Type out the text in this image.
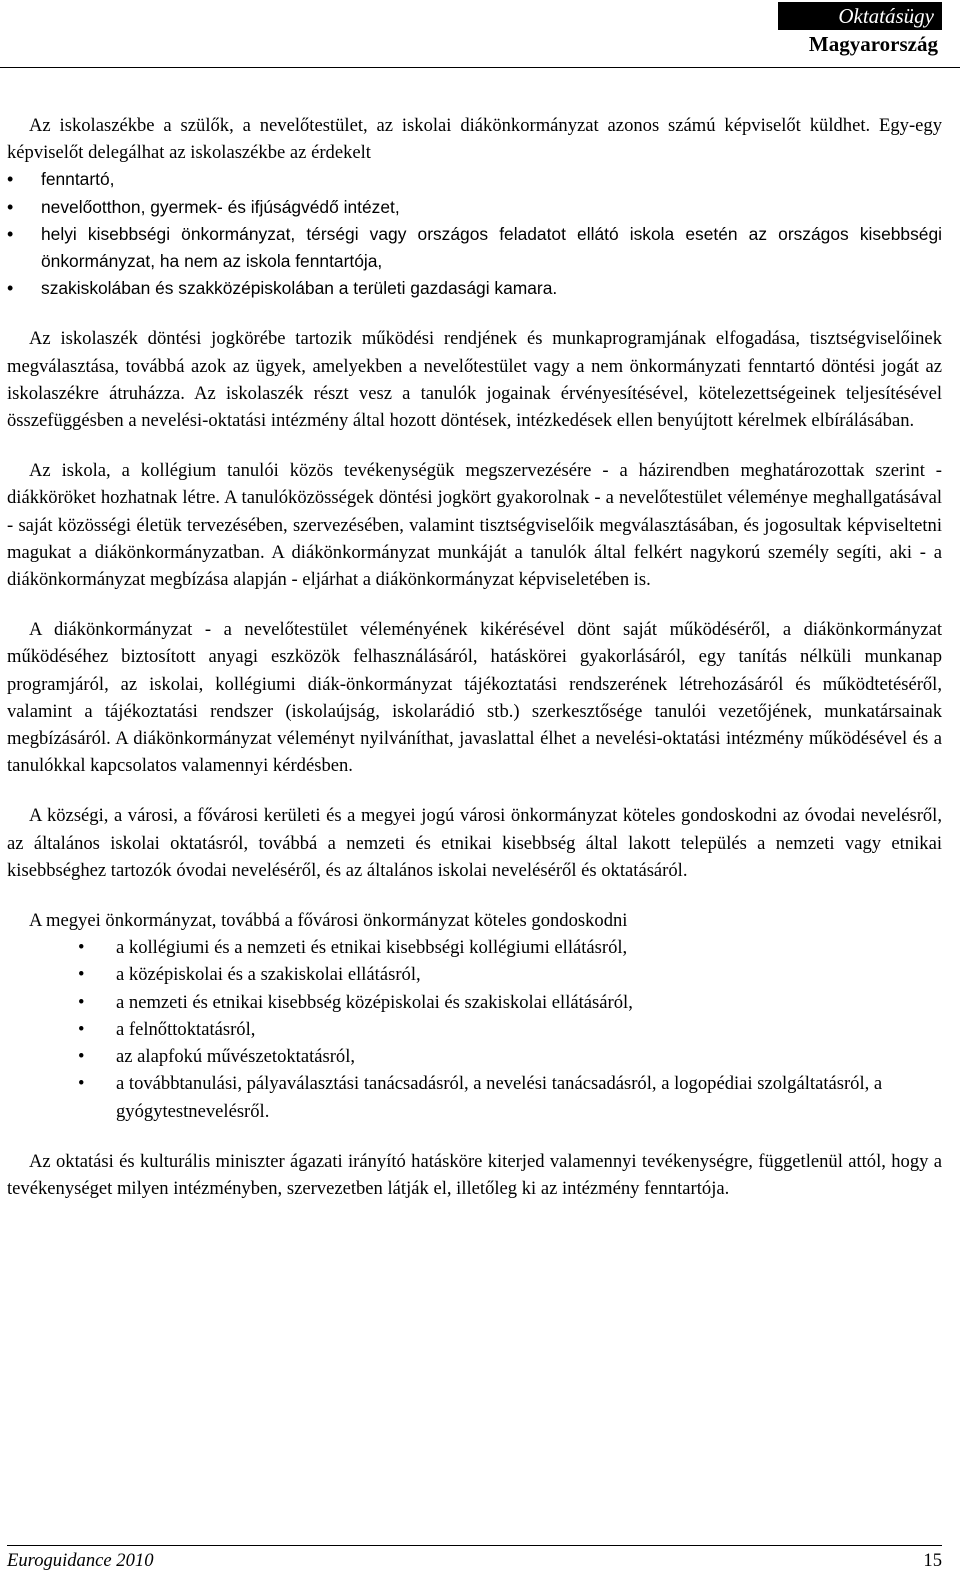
Oktatásügy
Magyarország

Az iskolaszékbe a szülők, a nevelőtestület, az iskolai diákönkormányzat azonos számú képviselőt küldhet. Egy-egy képviselőt delegálhat az iskolaszékbe az érdekelt

• fenntartó,
• nevelőotthon, gyermek- és ifjúságvédő intézet,
• helyi kisebbségi önkormányzat, térségi vagy országos feladatot ellátó iskola esetén az országos kisebbségi önkormányzat, ha nem az iskola fenntartója,
• szakiskolában és szakközépiskolában a területi gazdasági kamara.

Az iskolaszék döntési jogkörébe tartozik működési rendjének és munkaprogramjának elfogadása, tisztségviselőinek megválasztása, továbbá azok az ügyek, amelyekben a nevelőtestület vagy a nem önkormányzati fenntartó döntési jogát az iskolaszékre átruházza. Az iskolaszék részt vesz a tanulók jogainak érvényesítésével, kötelezettségeinek teljesítésével összefüggésben a nevelési-oktatási intézmény által hozott döntések, intézkedések ellen benyújtott kérelmek elbírálásában.

Az iskola, a kollégium tanulói közös tevékenységük megszervezésére - a házirendben meghatározottak szerint - diákköröket hozhatnak létre. A tanulóközösségek döntési jogkört gyakorolnak - a nevelőtestület véleménye meghallgatásával - saját közösségi életük tervezésében, szervezésében, valamint tisztségviselőik megválasztásában, és jogosultak képviseltetni magukat a diákönkormányzatban. A diákönkormányzat munkáját a tanulók által felkért nagykorú személy segíti, aki - a diákönkormányzat megbízása alapján - eljárhat a diákönkormányzat képviseletében is.

A diákönkormányzat - a nevelőtestület véleményének kikérésével dönt saját működéséről, a diákönkormányzat működéséhez biztosított anyagi eszközök felhasználásáról, hatáskörei gyakorlásáról, egy tanítás nélküli munkanap programjáról, az iskolai, kollégiumi diák-önkormányzat tájékoztatási rendszerének létrehozásáról és működtetéséről, valamint a tájékoztatási rendszer (iskolaújság, iskolarádió stb.) szerkesztősége tanulói vezetőjének, munkatársainak megbízásáról. A diákönkormányzat véleményt nyilváníthat, javaslattal élhet a nevelési-oktatási intézmény működésével és a tanulókkal kapcsolatos valamennyi kérdésben.

A községi, a városi, a fővárosi kerületi és a megyei jogú városi önkormányzat köteles gondoskodni az óvodai nevelésről, az általános iskolai oktatásról, továbbá a nemzeti és etnikai kisebbség által lakott település a nemzeti vagy etnikai kisebbséghez tartozók óvodai neveléséről, és az általános iskolai neveléséről és oktatásáról.

A megyei önkormányzat, továbbá a fővárosi önkormányzat köteles gondoskodni

• a kollégiumi és a nemzeti és etnikai kisebbségi kollégiumi ellátásról,
• a középiskolai és a szakiskolai ellátásról,
• a nemzeti és etnikai kisebbség középiskolai és szakiskolai ellátásáról,
• a felnőttoktatásról,
• az alapfokú művészetoktatásról,
• a továbbtanulási, pályaválasztási tanácsadásról, a nevelési tanácsadásról, a logopédiai szolgáltatásról, a gyógytestnevelésről.

Az oktatási és kulturális miniszter ágazati irányító hatásköre kiterjed valamennyi tevékenységre, függetlenül attól, hogy a tevékenységet milyen intézményben, szervezetben látják el, illetőleg ki az intézmény fenntartója.

Euroguidance 2010	15
